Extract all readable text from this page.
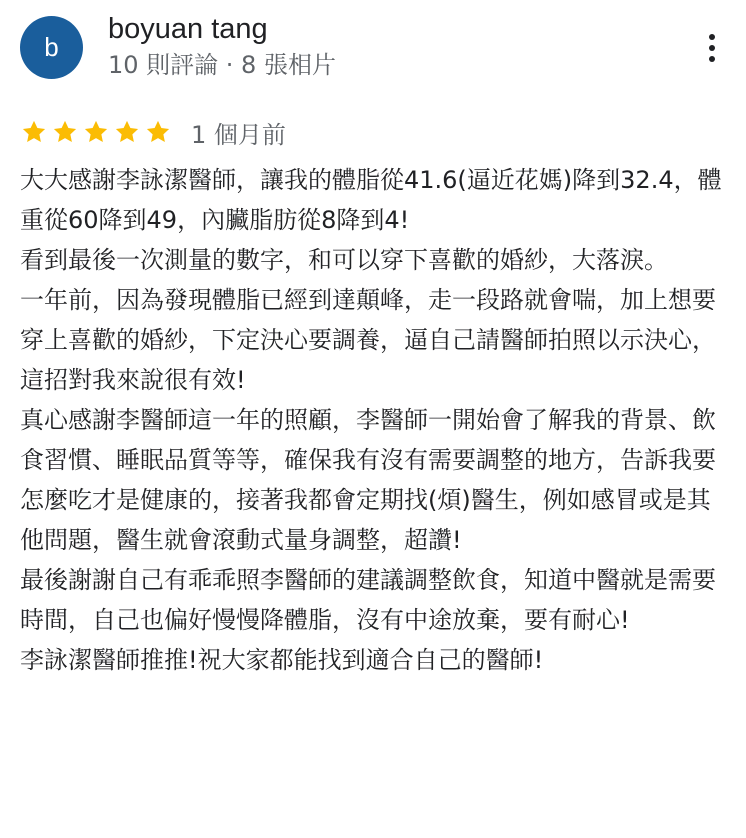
b
boyuan tang
10 則評論 · 8 張相片
1 個月前

大大感謝李詠潔醫師，讓我的體脂從41.6(逼近花媽)降到32.4，體重從60降到49，內臟脂肪從8降到4!

看到最後一次測量的數字，和可以穿下喜歡的婚紗，大落淚。

一年前，因為發現體脂已經到達顛峰，走一段路就會喘，加上想要穿上喜歡的婚紗，下定決心要調養，逼自己請醫師拍照以示決心，這招對我來說很有效!

真心感謝李醫師這一年的照顧，李醫師一開始會了解我的背景、飲食習慣、睡眠品質等等，確保我有沒有需要調整的地方，告訴我要怎麼吃才是健康的，接著我都會定期找(煩)醫生，例如感冒或是其他問題，醫生就會滾動式量身調整，超讚!

最後謝謝自己有乖乖照李醫師的建議調整飲食，知道中醫就是需要時間，自己也偏好慢慢降體脂，沒有中途放棄，要有耐心!

李詠潔醫師推推!祝大家都能找到適合自己的醫師!
